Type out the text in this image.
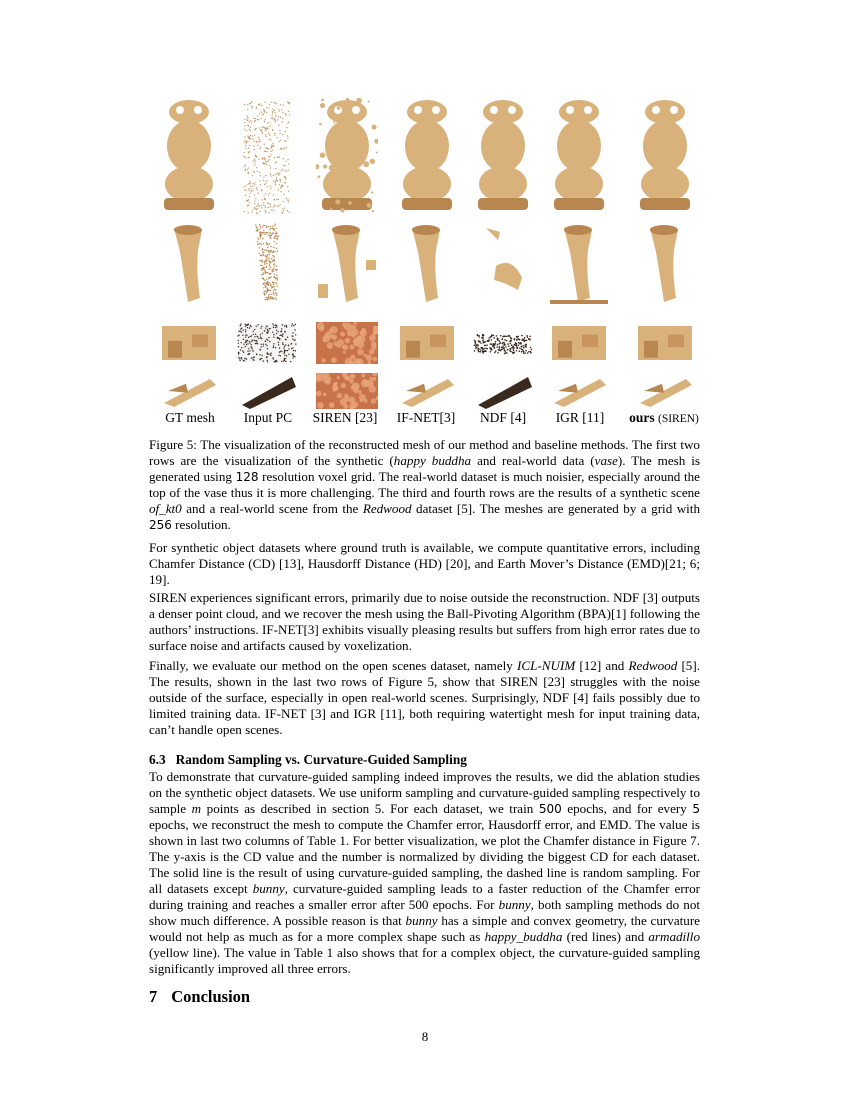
GT mesh Input PC SIREN [23] IF-NET[3] NDF [4] IGR [11] ours (SIREN)

Figure 5: The visualization of the reconstructed mesh of our method and baseline methods. The first two rows are the visualization of the synthetic (happy buddha and real-world data (vase). The mesh is generated using 128 resolution voxel grid. The real-world dataset is much noisier, especially around the top of the vase thus it is more challenging. The third and fourth rows are the results of a synthetic scene of_kt0 and a real-world scene from the Redwood dataset [5]. The meshes are generated by a grid with 256 resolution.

For synthetic object datasets where ground truth is available, we compute quantitative errors, including Chamfer Distance (CD) [13], Hausdorff Distance (HD) [20], and Earth Mover’s Distance (EMD)[21; 6; 19].

SIREN experiences significant errors, primarily due to noise outside the reconstruction. NDF [3] outputs a denser point cloud, and we recover the mesh using the Ball-Pivoting Algorithm (BPA)[1] following the authors’ instructions. IF-NET[3] exhibits visually pleasing results but suffers from high error rates due to surface noise and artifacts caused by voxelization.

Finally, we evaluate our method on the open scenes dataset, namely ICL-NUIM [12] and Redwood [5]. The results, shown in the last two rows of Figure 5, show that SIREN [23] struggles with the noise outside of the surface, especially in open real-world scenes. Surprisingly, NDF [4] fails possibly due to limited training data. IF-NET [3] and IGR [11], both requiring watertight mesh for input training data, can’t handle open scenes.

6.3 Random Sampling vs. Curvature-Guided Sampling

To demonstrate that curvature-guided sampling indeed improves the results, we did the ablation studies on the synthetic object datasets. We use uniform sampling and curvature-guided sampling respectively to sample m points as described in section 5. For each dataset, we train 500 epochs, and for every 5 epochs, we reconstruct the mesh to compute the Chamfer error, Hausdorff error, and EMD. The value is shown in last two columns of Table 1. For better visualization, we plot the Chamfer distance in Figure 7. The y-axis is the CD value and the number is normalized by dividing the biggest CD for each dataset. The solid line is the result of using curvature-guided sampling, the dashed line is random sampling. For all datasets except bunny, curvature-guided sampling leads to a faster reduction of the Chamfer error during training and reaches a smaller error after 500 epochs. For bunny, both sampling methods do not show much difference. A possible reason is that bunny has a simple and convex geometry, the curvature would not help as much as for a more complex shape such as happy_buddha (red lines) and armadillo (yellow line). The value in Table 1 also shows that for a complex object, the curvature-guided sampling significantly improved all three errors.

7 Conclusion
8
